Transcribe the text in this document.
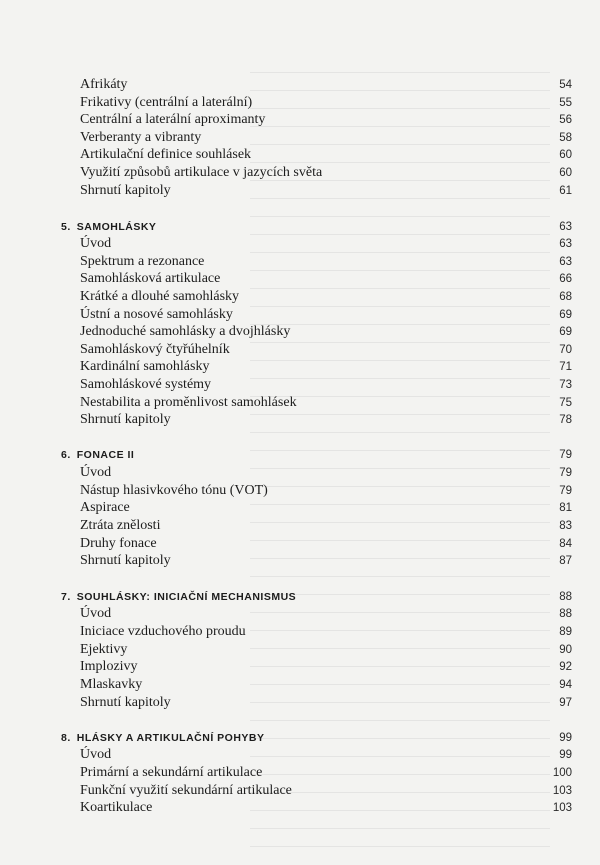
Afrikáty	54
Frikativy (centrální a laterální)	55
Centrální a laterální aproximanty	56
Verberanty a vibranty	58
Artikulační definice souhlásek	60
Využití způsobů artikulace v jazycích světa	60
Shrnutí kapitoly	61
5. SAMOHLÁSKY	63
Úvod	63
Spektrum a rezonance	63
Samohlásková artikulace	66
Krátké a dlouhé samohlásky	68
Ústní a nosové samohlásky	69
Jednoduché samohlásky a dvojhlásky	69
Samohláskový čtyřúhelník	70
Kardinální samohlásky	71
Samohláskové systémy	73
Nestabilita a proměnlivost samohlásek	75
Shrnutí kapitoly	78
6. FONACE II	79
Úvod	79
Nástup hlasivkového tónu (VOT)	79
Aspirace	81
Ztráta znělosti	83
Druhy fonace	84
Shrnutí kapitoly	87
7. SOUHLÁSKY: INICIAČNÍ MECHANISMUS	88
Úvod	88
Iniciace vzduchového proudu	89
Ejektivy	90
Implozivy	92
Mlaskavky	94
Shrnutí kapitoly	97
8. HLÁSKY A ARTIKULAČNÍ POHYBY	99
Úvod	99
Primární a sekundární artikulace	100
Funkční využití sekundární artikulace	103
Koartikulace	103
